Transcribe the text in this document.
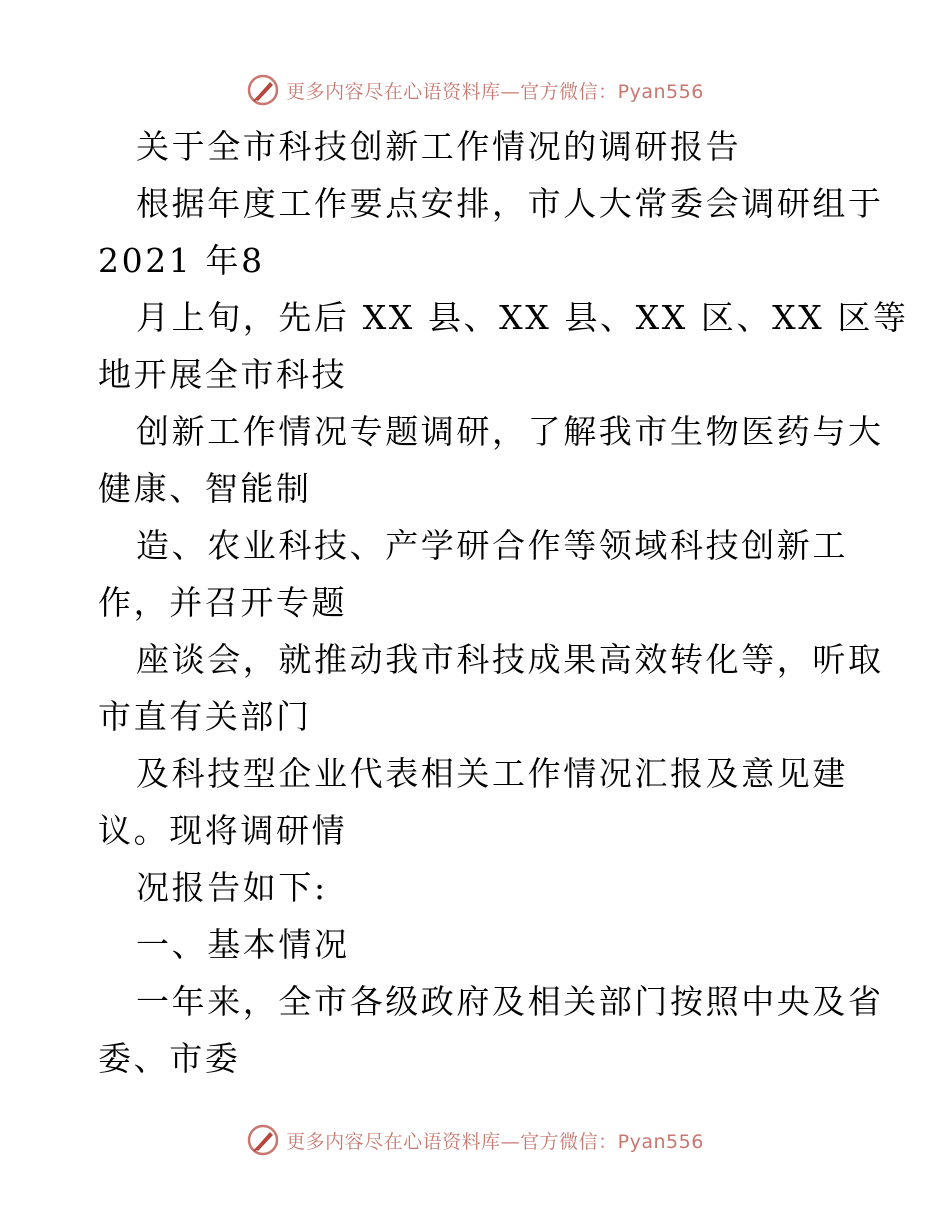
更多内容尽在心语资料库—官方微信：Pyan556
关于全市科技创新工作情况的调研报告
根据年度工作要点安排，市人大常委会调研组于
2021 年8
月上旬，先后 XX 县、XX 县、XX 区、XX 区等
地开展全市科技
创新工作情况专题调研，了解我市生物医药与大
健康、智能制
造、农业科技、产学研合作等领域科技创新工
作，并召开专题
座谈会，就推动我市科技成果高效转化等，听取
市直有关部门
及科技型企业代表相关工作情况汇报及意见建
议。现将调研情
况报告如下:
一、基本情况
一年来，全市各级政府及相关部门按照中央及省
委、市委
更多内容尽在心语资料库—官方微信：Pyan556
